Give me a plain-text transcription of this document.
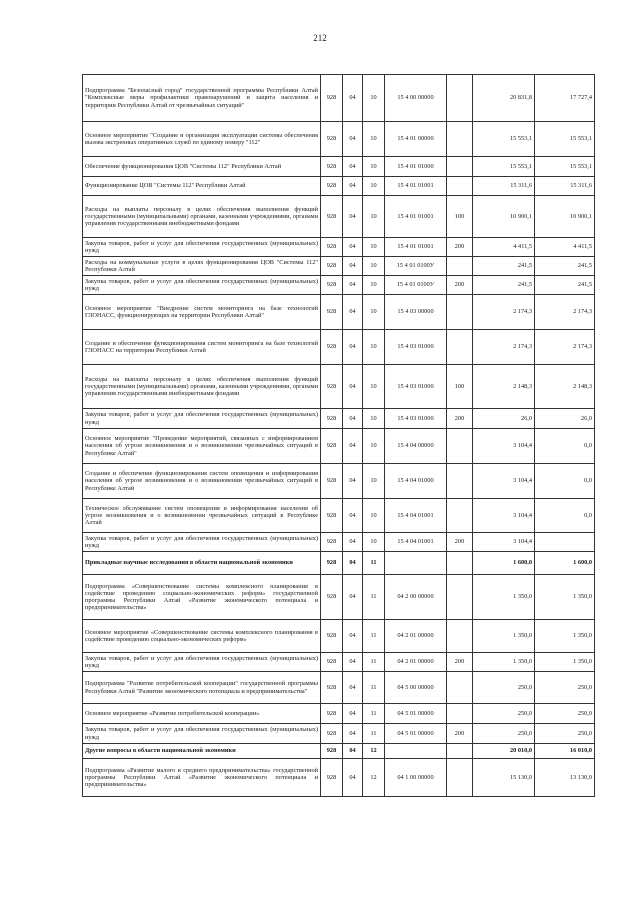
212
Подпрограмма "Безопасный город" государственной программы Республики Алтай "Комплексные меры профилактики правонарушений и защита населения и территории Республики Алтай от чрезвычайных ситуаций"	928	04	10	15 4 00 00000		20 831,8	17 727,4
Основное мероприятие "Создание и организация эксплуатации системы обеспечения вызова экстренных оперативных служб по единому номеру "112"	928	04	10	15 4 01 00000		15 553,1	15 553,1
Обеспечение функционирования ЦОВ "Системы 112" Республики Алтай	928	04	10	15 4 01 01000		15 553,1	15 553,1
Функционирование ЦОВ "Системы 112" Республики Алтай	928	04	10	15 4 01 01001		15 311,6	15 311,6
Расходы на выплаты персоналу в целях обеспечения выполнения функций государственными (муниципальными) органами, казенными учреждениями, органами управления государственными внебюджетными фондами	928	04	10	15 4 01 01001	100	10 900,1	10 900,1
Закупка товаров, работ и услуг для обеспечения государственных (муниципальных) нужд	928	04	10	15 4 01 01001	200	4 411,5	4 411,5
Расходы на коммунальные услуги в целях функционирования ЦОВ "Системы 112" Республики Алтай	928	04	10	15 4 01 0100У		241,5	241,5
Закупка товаров, работ и услуг для обеспечения государственных (муниципальных) нужд	928	04	10	15 4 01 0100У	200	241,5	241,5
Основное мероприятие "Внедрение систем мониторинга на базе технологий ГЛОНАСС, функционирующих на территории Республики Алтай"	928	04	10	15 4 03 00000		2 174,3	2 174,3
Создание и обеспечение функционирования систем мониторинга на базе технологий ГЛОНАСС на территории Республики Алтай	928	04	10	15 4 03 01000		2 174,3	2 174,3
Расходы на выплаты персоналу в целях обеспечения выполнения функций государственными (муниципальными) органами, казенными учреждениями, органами управления государственными внебюджетными фондами	928	04	10	15 4 03 01000	100	2 148,3	2 148,3
Закупка товаров, работ и услуг для обеспечения государственных (муниципальных) нужд	928	04	10	15 4 03 01000	200	26,0	26,0
Основное мероприятие "Проведение мероприятий, связанных с информированием населения об угрозе возникновения и о возникновении чрезвычайных ситуаций в Республике Алтай"	928	04	10	15 4 04 00000		3 104,4	0,0
Создание и обеспечение функционирования систем оповещения и информирования населения об угрозе возникновения и о возникновении чрезвычайных ситуаций в Республике Алтай	928	04	10	15 4 04 01000		3 104,4	0,0
Техническое обслуживание систем оповещения и информирования населения об угрозе возникновения и о возникновении чрезвычайных ситуаций в Республике Алтай	928	04	10	15 4 04 01001		3 104,4	0,0
Закупка товаров, работ и услуг для обеспечения государственных (муниципальных) нужд	928	04	10	15 4 04 01001	200	3 104,4	
Прикладные научные исследования в области национальной экономики	928	04	11			1 600,0	1 600,0
Подпрограмма «Совершенствование системы комплексного планирования в содействие проведению социально-экономических реформ» государственной программы Республики Алтай «Развитие экономического потенциала и предпринимательства»	928	04	11	04 2 00 00000		1 350,0	1 350,0
Основное мероприятие «Совершенствование системы комплексного планирования в содействие проведению социально-экономических реформ»	928	04	11	04 2 01 00000		1 350,0	1 350,0
Закупка товаров, работ и услуг для обеспечения государственных (муниципальных) нужд	928	04	11	04 2 01 00000	200	1 350,0	1 350,0
Подпрограмма "Развитие потребительской кооперации" государственной программы Республики Алтай "Развитие экономического потенциала и предпринимательства"	928	04	11	04 5 00 00000		250,0	250,0
Основное мероприятие «Развитие потребительской кооперации»	928	04	11	04 5 01 00000		250,0	250,0
Закупка товаров, работ и услуг для обеспечения государственных (муниципальных) нужд	928	04	11	04 5 01 00000	200	250,0	250,0
Другие вопросы в области национальной экономики	928	04	12			20 010,0	16 010,0
Подпрограмма «Развитие малого и среднего предпринимательства» государственной программы Республики Алтай «Развитие экономического потенциала и предпринимательства»	928	04	12	04 1 00 00000		15 130,0	13 130,0
